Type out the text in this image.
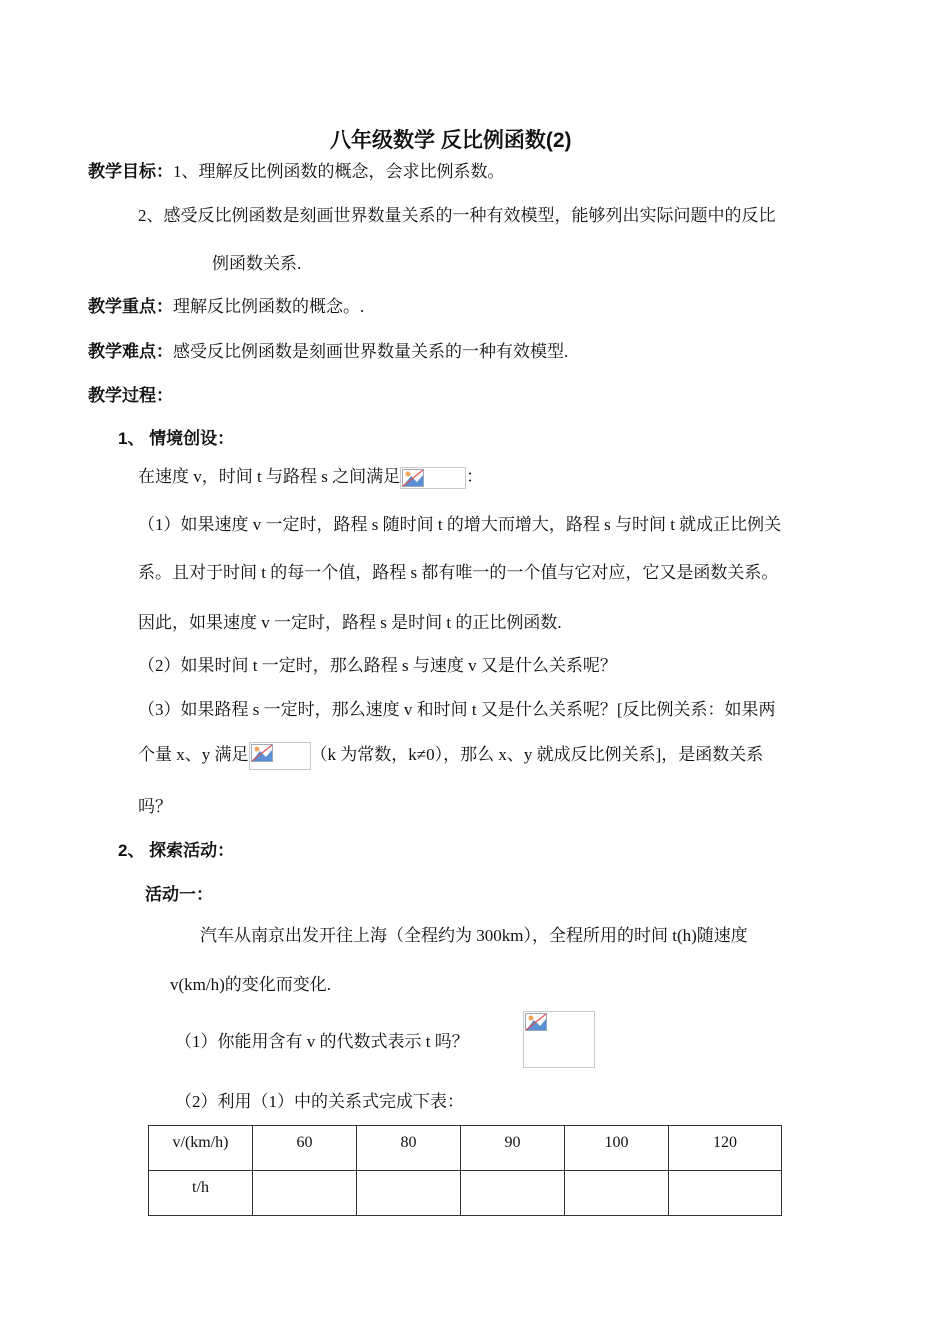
八年级数学 反比例函数(2)
教学目标：1、理解反比例函数的概念，会求比例系数。
2、感受反比例函数是刻画世界数量关系的一种有效模型，能够列出实际问题中的反比
例函数关系.
教学重点：理解反比例函数的概念。.
教学难点：感受反比例函数是刻画世界数量关系的一种有效模型.
教学过程：
1、 情境创设：
在速度 v，时间 t 与路程 s 之间满足	：
（1）如果速度 v 一定时，路程 s 随时间 t 的增大而增大，路程 s 与时间 t 就成正比例关
系。且对于时间 t 的每一个值，路程 s 都有唯一的一个值与它对应，它又是函数关系。
因此，如果速度 v 一定时，路程 s 是时间 t 的正比例函数.
（2）如果时间 t 一定时，那么路程 s 与速度 v 又是什么关系呢？
（3）如果路程 s 一定时，那么速度 v 和时间 t 又是什么关系呢？[反比例关系：如果两
个量 x、y 满足	（k 为常数，k≠0），那么 x、y 就成反比例关系]，是函数关系
吗？
2、 探索活动：
活动一：
汽车从南京出发开往上海（全程约为 300km），全程所用的时间 t(h)随速度
v(km/h)的变化而变化.
（1）你能用含有 v 的代数式表示 t 吗？
（2）利用（1）中的关系式完成下表：
v/(km/h)	60	80	90	100	120
t/h					
